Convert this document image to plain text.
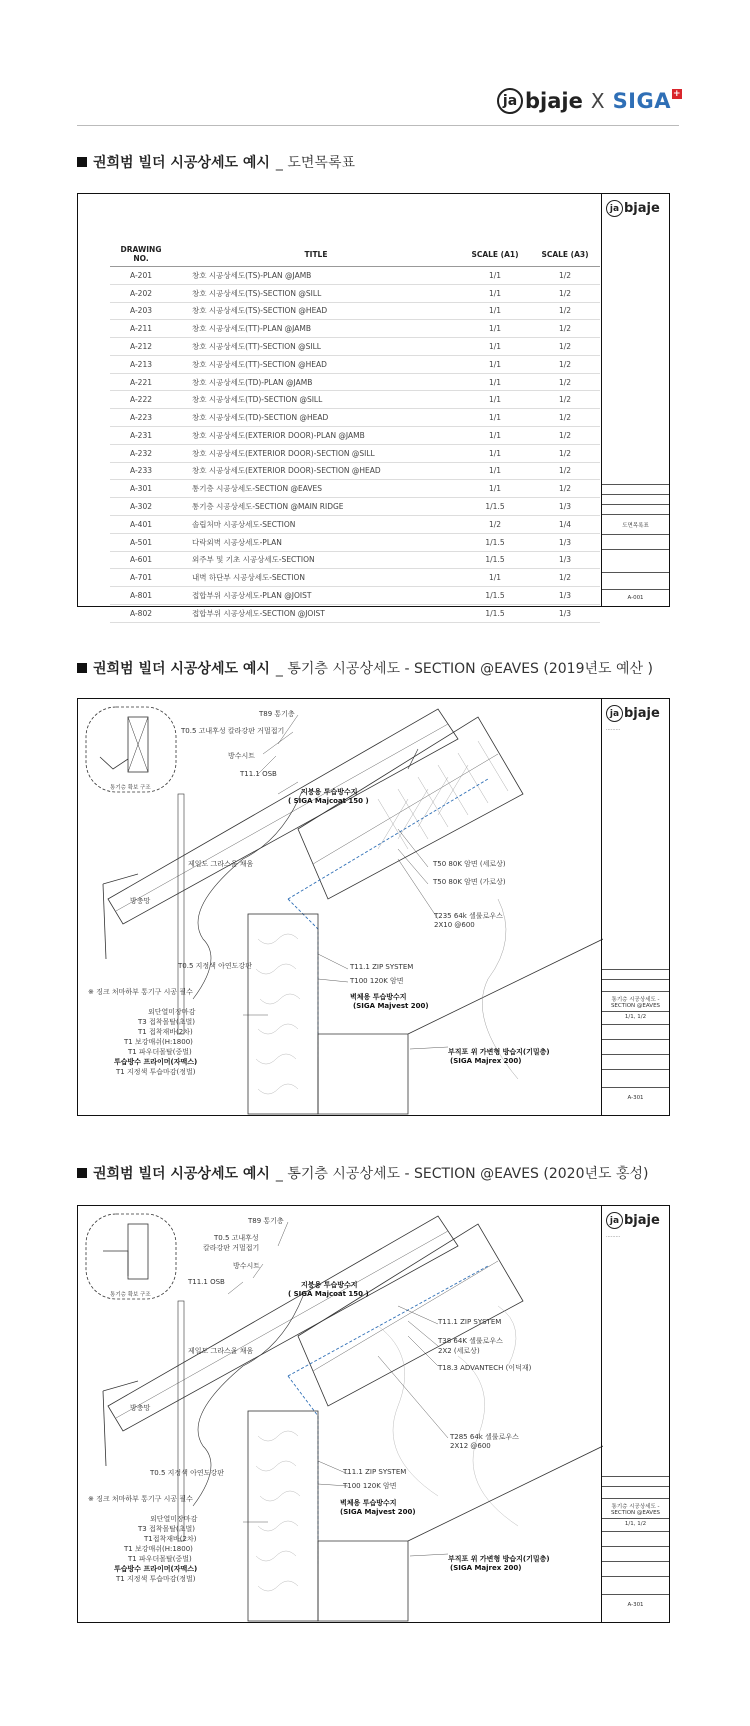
ja bjaje X SIGA +
권희범 빌더 시공상세도 예시 _ 도면목록표
DRAWING NO.	TITLE	SCALE (A1)	SCALE (A3)
A-201	창호 시공상세도(TS)-PLAN @JAMB	1/1	1/2
A-202	창호 시공상세도(TS)-SECTION @SILL	1/1	1/2
A-203	창호 시공상세도(TS)-SECTION @HEAD	1/1	1/2
A-211	창호 시공상세도(TT)-PLAN @JAMB	1/1	1/2
A-212	창호 시공상세도(TT)-SECTION @SILL	1/1	1/2
A-213	창호 시공상세도(TT)-SECTION @HEAD	1/1	1/2
A-221	창호 시공상세도(TD)-PLAN @JAMB	1/1	1/2
A-222	창호 시공상세도(TD)-SECTION @SILL	1/1	1/2
A-223	창호 시공상세도(TD)-SECTION @HEAD	1/1	1/2
A-231	창호 시공상세도(EXTERIOR DOOR)-PLAN @JAMB	1/1	1/2
A-232	창호 시공상세도(EXTERIOR DOOR)-SECTION @SILL	1/1	1/2
A-233	창호 시공상세도(EXTERIOR DOOR)-SECTION @HEAD	1/1	1/2
A-301	통기층 시공상세도-SECTION @EAVES	1/1	1/2
A-302	통기층 시공상세도-SECTION @MAIN RIDGE	1/1.5	1/3
A-401	솔립처마 시공상세도-SECTION	1/2	1/4
A-501	다락외벽 시공상세도-PLAN	1/1.5	1/3
A-601	외주부 및 기초 시공상세도-SECTION	1/1.5	1/3
A-701	내벽 하단부 시공상세도-SECTION	1/1	1/2
A-801	접합부위 시공상세도-PLAN @JOIST	1/1.5	1/3
A-802	접합부위 시공상세도-SECTION @JOIST	1/1.5	1/3
ja bjaje
도면목록표
A-001
권희범 빌더 시공상세도 예시 _ 통기층 시공상세도 - SECTION @EAVES (2019년도 예산 )
T89 통기층
T0.5 고내후성 칼라강판 거멀접기
방수시트
T11.1 OSB
지붕용 투습방수지
( SIGA Majcoat 150 )
통기층 확보 구조
제일도 그라스울 채움
방충망
T50 80K 암면 (세로상)
T50 80K 암면 (가로상)
T235 64k 셀룰로우스
2X10 @600
T0.5 지정색 아연도강판	T11.1 ZIP SYSTEM
T100 120K 암면
※ 징크 처마하부 통기구 시공 필수
벽체용 투습방수지
(SIGA Majvest 200)
외단열미장마감
T3 접착몰탈(초벌)
T1 접착재바(2차)
T1 보강매쉬(H:1800)
T1 파우더몰탈(중벌)
투습방수 프라이머(자맥스)
T1 지정색 투습마감(정벌)
부직포 위 가변형 방습지(기밀층)
(SIGA Majrex 200)
ja bjaje
·········
통기층 시공상세도 -SECTION @EAVES
1/1, 1/2
A-301
권희범 빌더 시공상세도 예시 _ 통기층 시공상세도 - SECTION @EAVES (2020년도 홍성)
T89 통기층
T0.5 고내후성
칼라강판 거멀접기
방수시트
T11.1 OSB	지붕용 투습방수지
( SIGA Majcoat 150 )
통기층 확보 구조
T11.1 ZIP SYSTEM
T38 64K 셀룰로우스
2X2 (세로상)
T18.3 ADVANTECH (이덕재)
제일도 그라스울 채움
방충망
T285 64k 셀룰로우스
2X12 @600
T0.5 지정색 아연도강판	T11.1 ZIP SYSTEM
T100 120K 암면
※ 징크 처마하부 통기구 시공 필수	벽체용 투습방수지
(SIGA Majvest 200)
외단열미장마감
T3 접착몰탈(초벌)
T1접착재바(2차)
T1 보강매쉬(H:1800)
T1 파우더몰탈(중벌)
투습방수 프라이머(자맥스)
T1 지정색 투습마감(정벌)
부직포 위 가변형 방습지(기밀층)
(SIGA Majrex 200)
ja bjaje
·········
통기층 시공상세도 -SECTION @EAVES
1/1, 1/2
A-301
